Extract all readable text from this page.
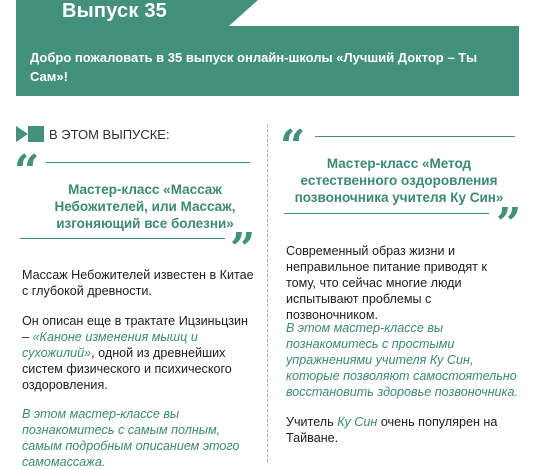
Выпуск 35
Добро пожаловать в 35 выпуск онлайн-школы «Лучший Доктор – Ты Сам»!
В ЭТОМ ВЫПУСКЕ:
“	Мастер-класс «Массаж Небожителей, или Массаж, изгоняющий все болезни»
”

Массаж Небожителей известен в Китае с глубокой древности.

Он описан еще в трактате Ицзиньцзин – «Каноне изменения мышц и сухожилий», одной из древнейших систем физического и психического оздоровления.

В этом мастер-классе вы познакомитесь с самым полным, самым подробным описанием этого самомассажа.

“	Мастер-класс «Метод естественного оздоровления позвоночника учителя Ку Син»
”

Современный образ жизни и неправильное питание приводят к тому, что сейчас многие люди испытывают проблемы с позвоночником.

В этом мастер-классе вы познакомитесь с простыми упражнениями учителя Ку Син, которые позволяют самостоятельно восстановить здоровье позвоночника.

Учитель Ку Син очень популярен на Тайване.
